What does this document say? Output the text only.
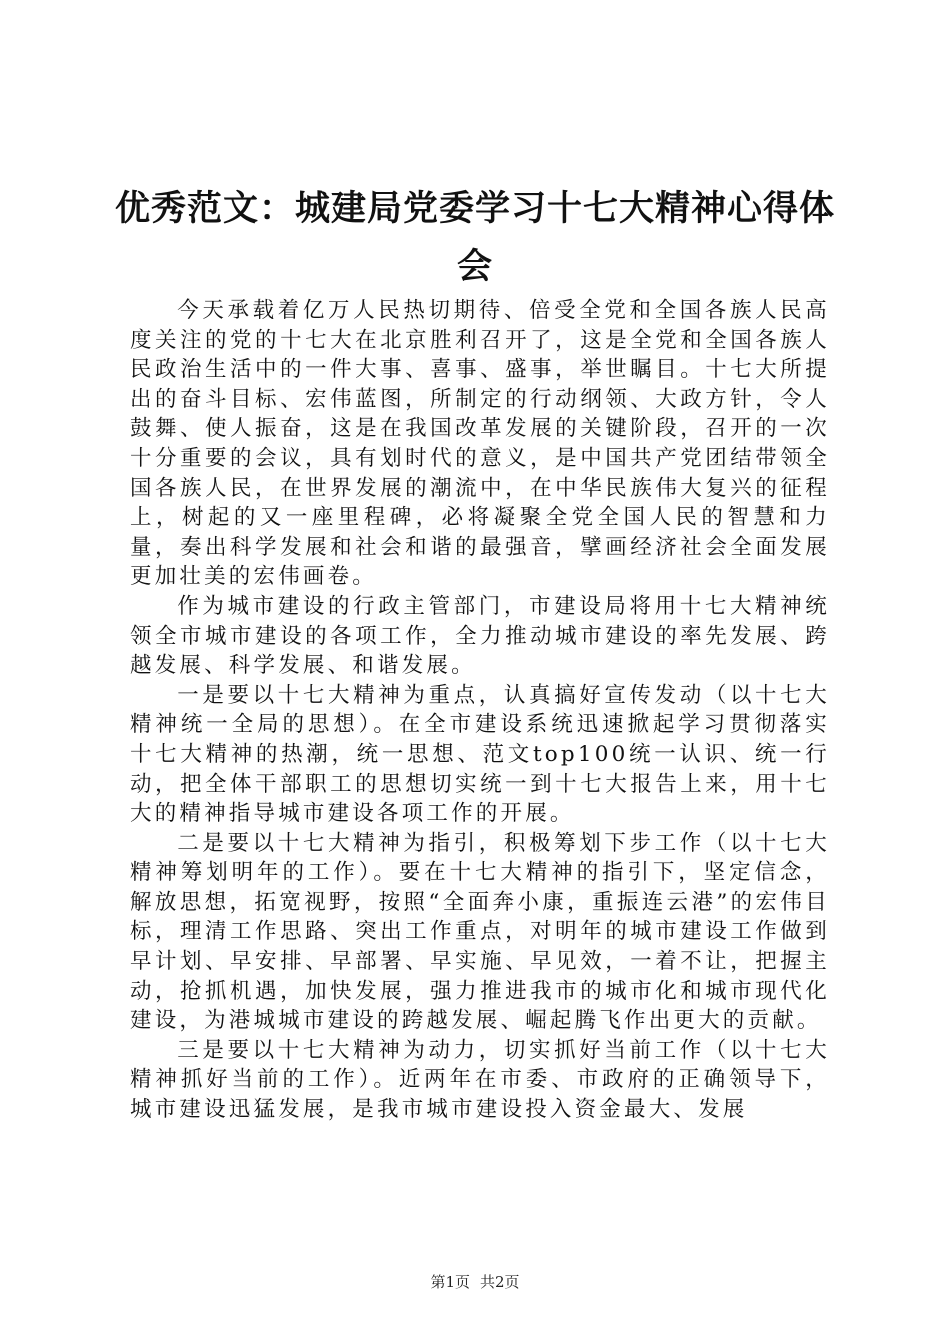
优秀范文：城建局党委学习十七大精神心得体会

今天承载着亿万人民热切期待、倍受全党和全国各族人民高度关注的党的十七大在北京胜利召开了，这是全党和全国各族人民政治生活中的一件大事、喜事、盛事，举世瞩目。十七大所提出的奋斗目标、宏伟蓝图，所制定的行动纲领、大政方针，令人鼓舞、使人振奋，这是在我国改革发展的关键阶段，召开的一次十分重要的会议，具有划时代的意义，是中国共产党团结带领全国各族人民，在世界发展的潮流中，在中华民族伟大复兴的征程上，树起的又一座里程碑，必将凝聚全党全国人民的智慧和力量，奏出科学发展和社会和谐的最强音，擘画经济社会全面发展更加壮美的宏伟画卷。

作为城市建设的行政主管部门，市建设局将用十七大精神统领全市城市建设的各项工作，全力推动城市建设的率先发展、跨越发展、科学发展、和谐发展。

一是要以十七大精神为重点，认真搞好宣传发动（以十七大精神统一全局的思想）。在全市建设系统迅速掀起学习贯彻落实十七大精神的热潮，统一思想、范文top100统一认识、统一行动，把全体干部职工的思想切实统一到十七大报告上来，用十七大的精神指导城市建设各项工作的开展。

二是要以十七大精神为指引，积极筹划下步工作（以十七大精神筹划明年的工作）。要在十七大精神的指引下，坚定信念，解放思想，拓宽视野，按照“全面奔小康，重振连云港”的宏伟目标，理清工作思路、突出工作重点，对明年的城市建设工作做到早计划、早安排、早部署、早实施、早见效，一着不让，把握主动，抢抓机遇，加快发展，强力推进我市的城市化和城市现代化建设，为港城城市建设的跨越发展、崛起腾飞作出更大的贡献。

三是要以十七大精神为动力，切实抓好当前工作（以十七大精神抓好当前的工作）。近两年在市委、市政府的正确领导下，城市建设迅猛发展，是我市城市建设投入资金最大、发展

第1页 共2页
